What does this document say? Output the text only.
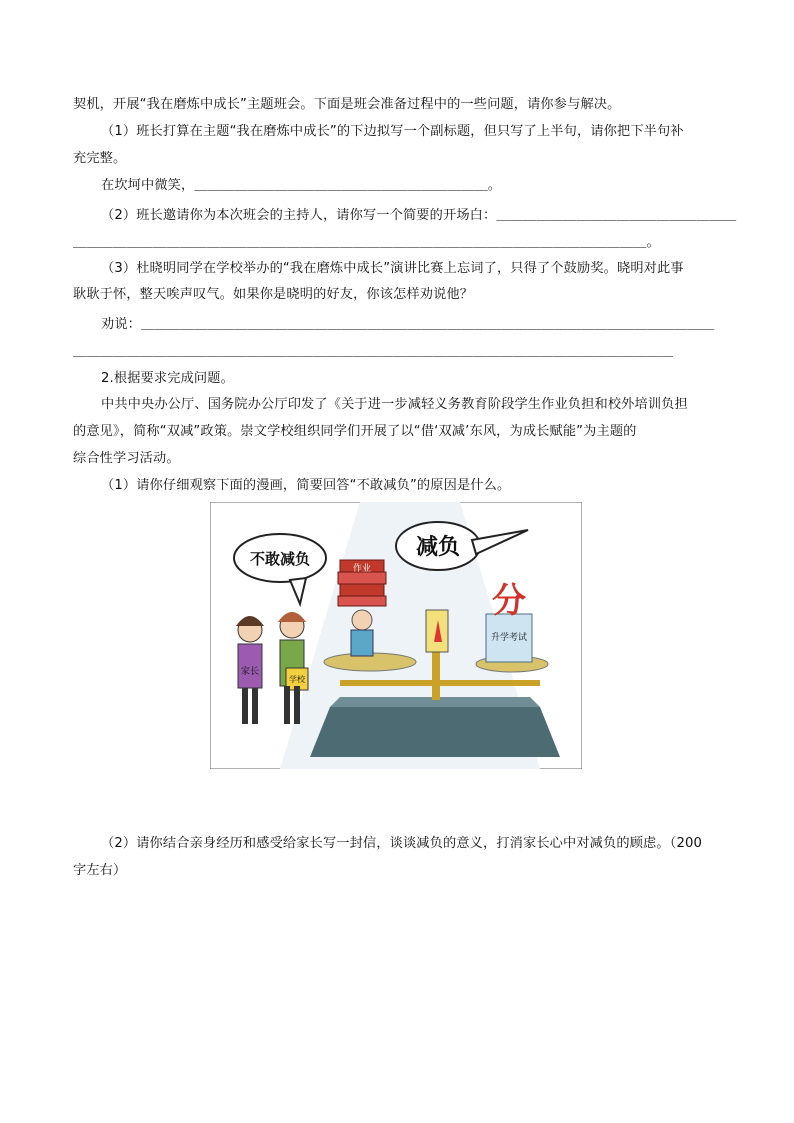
契机，开展“我在磨炼中成长”主题班会。下面是班会准备过程中的一些问题，请你参与解决。
（1）班长打算在主题“我在磨炼中成长”的下边拟写一个副标题，但只写了上半句，请你把下半句补
充完整。
在坎坷中微笑，＿＿＿＿＿＿＿＿＿＿＿＿＿＿＿＿＿＿＿＿＿＿。
（2）班长邀请你为本次班会的主持人，请你写一个简要的开场白：＿＿＿＿＿＿＿＿＿＿＿＿＿＿＿＿＿＿
＿＿＿＿＿＿＿＿＿＿＿＿＿＿＿＿＿＿＿＿＿＿＿＿＿＿＿＿＿＿＿＿＿＿＿＿＿＿＿＿＿＿＿。
（3）杜晓明同学在学校举办的“我在磨炼中成长”演讲比赛上忘词了，只得了个鼓励奖。晓明对此事
耿耿于怀，整天唉声叹气。如果你是晓明的好友，你该怎样劝说他？
劝说：＿＿＿＿＿＿＿＿＿＿＿＿＿＿＿＿＿＿＿＿＿＿＿＿＿＿＿＿＿＿＿＿＿＿＿＿＿＿＿＿＿＿＿
＿＿＿＿＿＿＿＿＿＿＿＿＿＿＿＿＿＿＿＿＿＿＿＿＿＿＿＿＿＿＿＿＿＿＿＿＿＿＿＿＿＿＿＿＿
2.根据要求完成问题。
中共中央办公厅、国务院办公厅印发了《关于进一步减轻义务教育阶段学生作业负担和校外培训负担
的意见》，简称“双减”政策。崇文学校组织同学们开展了以“借‘双减’东风，为成长赋能”为主题的
综合性学习活动。
（1）请你仔细观察下面的漫画，简要回答“不敢减负”的原因是什么。
升学考试
分
作业
减负
不敢减负
家长
学校
（2）请你结合亲身经历和感受给家长写一封信，谈谈减负的意义，打消家长心中对减负的顾虑。（200
字左右）
